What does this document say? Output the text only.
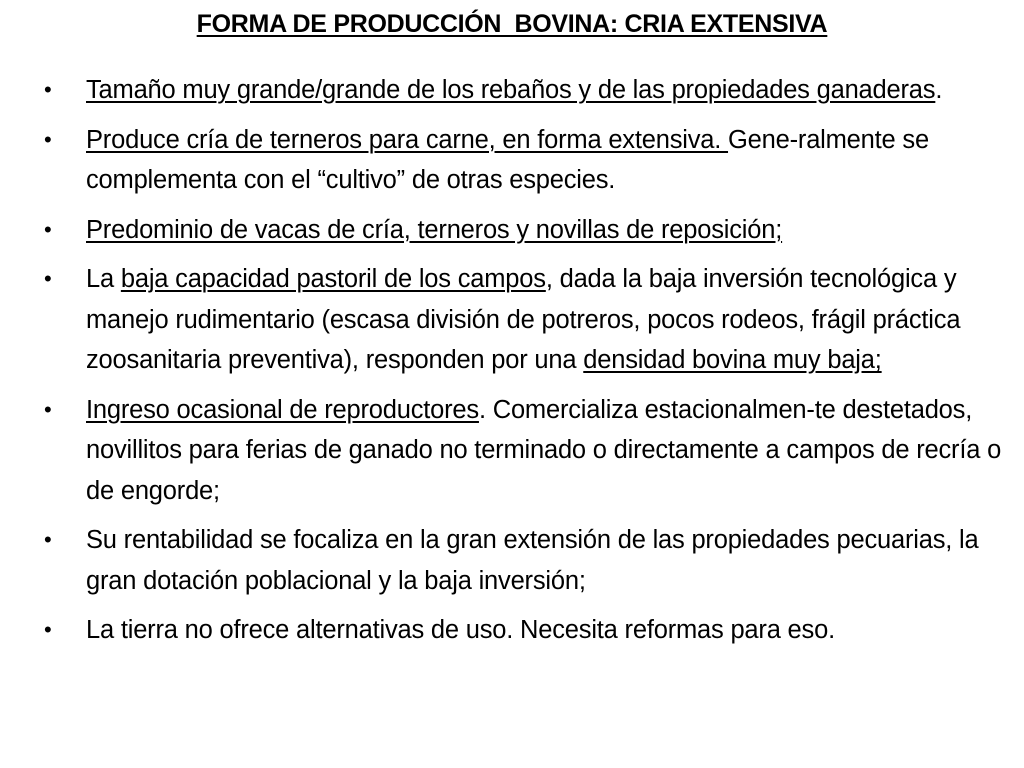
FORMA DE PRODUCCIÓN  BOVINA: CRIA EXTENSIVA
• Tamaño muy grande/grande de los rebaños y de las propiedades ganaderas.
• Produce cría de terneros para carne, en forma extensiva. Gene-ralmente se complementa con el “cultivo” de otras especies.
• Predominio de vacas de cría, terneros y novillas de reposición;
• La baja capacidad pastoril de los campos, dada la baja inversión tecnológica y manejo rudimentario (escasa división de potreros, pocos rodeos, frágil práctica zoosanitaria preventiva), responden por una densidad bovina muy baja;
• Ingreso ocasional de reproductores. Comercializa estacionalmen-te destetados, novillitos para ferias de ganado no terminado o directamente a campos de recría o de engorde;
• Su rentabilidad se focaliza en la gran extensión de las propiedades pecuarias, la gran dotación poblacional y la baja inversión;
• La tierra no ofrece alternativas de uso. Necesita reformas para eso.
